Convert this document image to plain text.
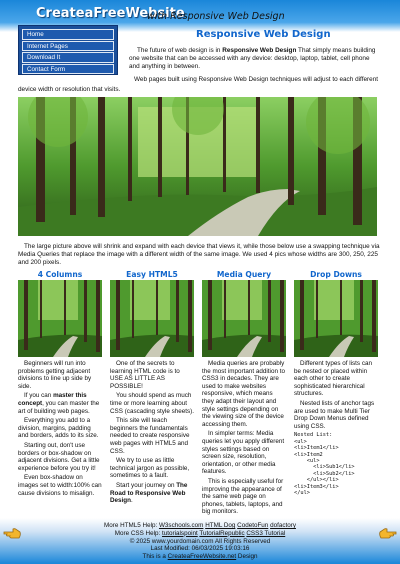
CreateaFreeWebsite
with Responsive Web Design
Home
Internet Pages
Download It
Contact Form
Responsive Web Design

The future of web design is in Responsive Web Design That simply means building one website that can be accessed with any device: desktop, laptop, tablet, cell phone and anything in between.

Web pages built using Responsive Web Design techniques will adjust to each different device width or resolution that visits.

The large picture above will shrink and expand with each device that views it, while those below use a swapping technique via Media Queries that replace the image with a different width of the same image. We used 4 pics whose widths are 300, 250, 225 and 200 pixels.

4 Columns

Beginners will run into problems getting adjacent divisions to line up side by side.

If you can master this concept, you can master the art of building web pages.

Everything you add to a division, margins, padding and borders, adds to its size.

Starting out, don't use borders or box-shadow on adjacent divisions. Get a little experience before you try it!

Even box-shadow on images set to width:100% can cause divisions to misalign.

Easy HTML5

One of the secrets to learning HTML code is to USE AS LITTLE AS POSSIBLE!

You should spend as much time or more learning about CSS (cascading style sheets).

This site will teach beginners the fundamentals needed to create responsive web pages with HTML5 and CSS.

We try to use as little technical jargon as possible, sometimes to a fault.

Start your journey on The Road to Responsive Web Design.

Media Query

Media queries are probably the most important addition to CSS3 in decades. They are used to make websites responsive, which means they adapt their layout and style settings depending on the viewing size of the device accessing them.

In simpler terms: Media queries let you apply different styles settings based on screen size, resolution, orientation, or other media features.

This is especially useful for improving the appearance of the same web page on phones, tablets, laptops, and big monitors.

Drop Downs

Different types of lists can be nested or placed within each other to create sophisticated hierarchical structures.

Nested lists of anchor tags are used to make Multi Tier Drop Down Menus defined using CSS.

Nested List:
<ul>
<li>Item1</li>
<li>Item2
<ul>
<li>Sub1</li>
<li>Sub2</li>
</ul></li>
<li>Item3</li>
</ul>
More HTML5 Help: W3schools.com HTML Dog CodetoFun dofactory
More CSS Help: tutorialspoint TutorialRepublic CSS3 Tutorial
© 2025 www.yourdomain.com All Rights Reserved
Last Modified: 06/03/2025 19:03:16
This is a CreateaFreeWebsite.net Design
